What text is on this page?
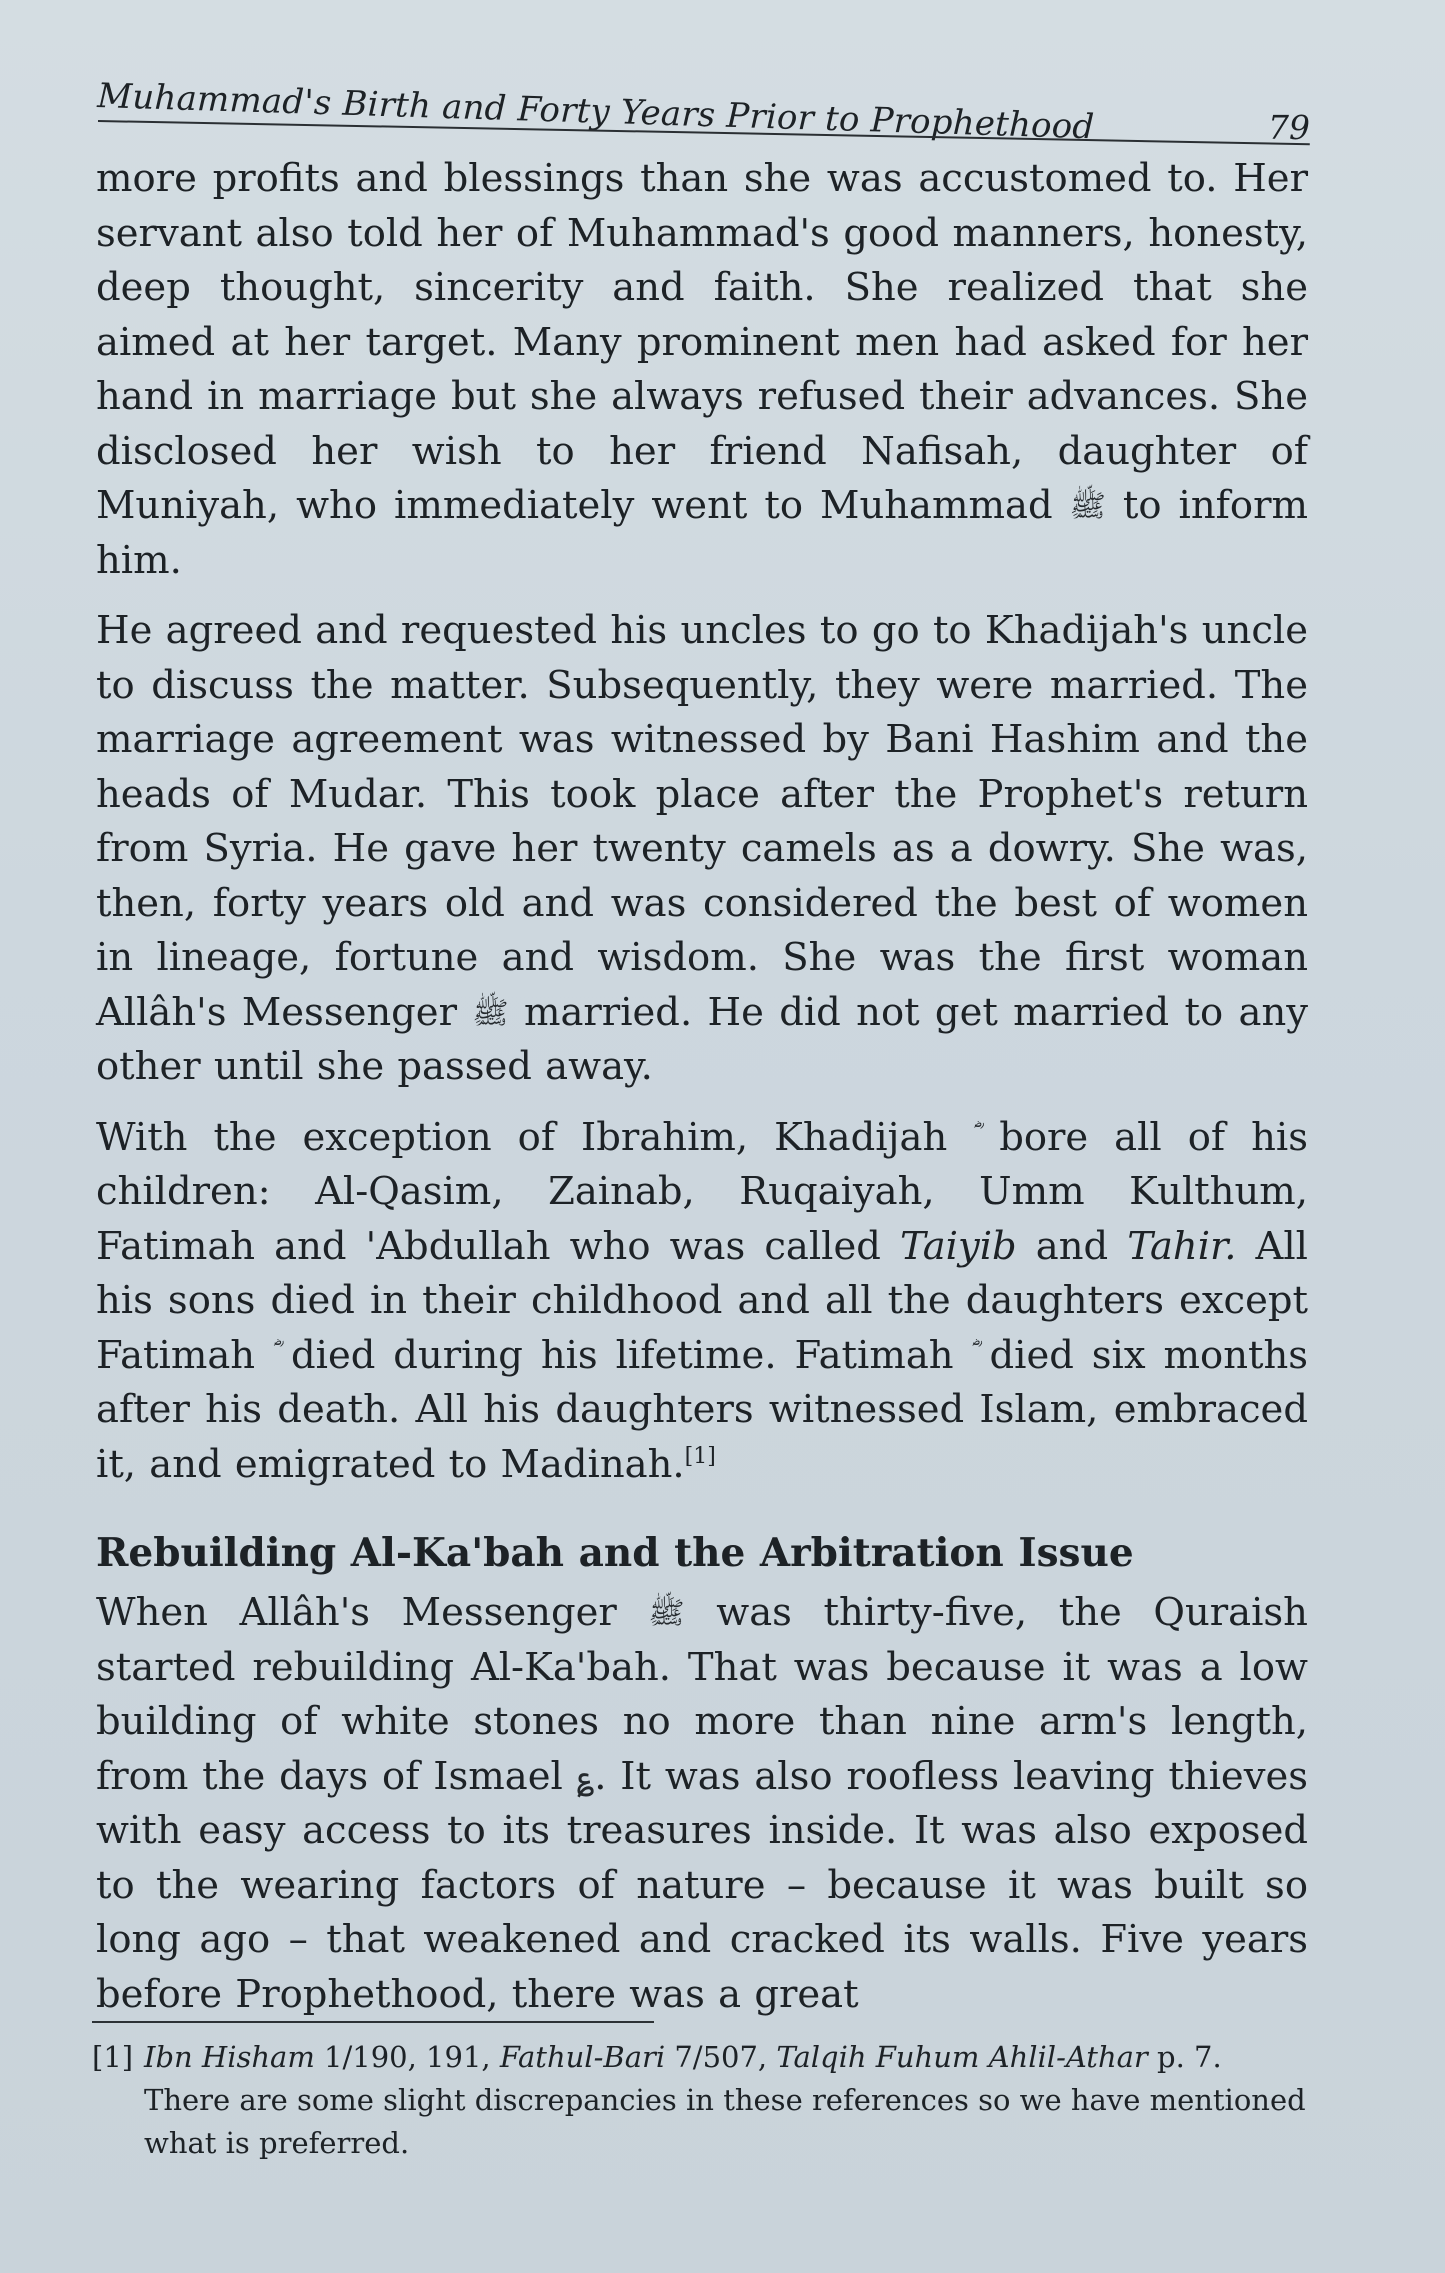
Muhammad's Birth and Forty Years Prior to Prophethood	79

more profits and blessings than she was accustomed to. Her servant also told her of Muhammad's good manners, honesty, deep thought, sincerity and faith. She realized that she aimed at her target. Many prominent men had asked for her hand in marriage but she always refused their advances. She disclosed her wish to her friend Nafisah, daughter of Muniyah, who immediately went to Muhammad ﷺ to inform him.

He agreed and requested his uncles to go to Khadijah's uncle to discuss the matter. Subsequently, they were married. The marriage agreement was witnessed by Bani Hashim and the heads of Mudar. This took place after the Prophet's return from Syria. He gave her twenty camels as a dowry. She was, then, forty years old and was considered the best of women in lineage, fortune and wisdom. She was the first woman Allâh's Messenger ﷺ married. He did not get married to any other until she passed away.

With the exception of Ibrahim, Khadijah bore all of his children: Al-Qasim, Zainab, Ruqaiyah, Umm Kulthum, Fatimah and 'Abdullah who was called Taiyib and Tahir. All his sons died in their childhood and all the daughters except Fatimah died during his lifetime. Fatimah died six months after his death. All his daughters witnessed Islam, embraced it, and emigrated to Madinah.[1]

Rebuilding Al-Ka'bah and the Arbitration Issue

When Allâh's Messenger ﷺ was thirty-five, the Quraish started rebuilding Al-Ka'bah. That was because it was a low building of white stones no more than nine arm's length, from the days of Ismael ؏. It was also roofless leaving thieves with easy access to its treasures inside. It was also exposed to the wearing factors of nature – because it was built so long ago – that weakened and cracked its walls. Five years before Prophethood, there was a great

[1] Ibn Hisham 1/190, 191, Fathul-Bari 7/507, Talqih Fuhum Ahlil-Athar p. 7. There are some slight discrepancies in these references so we have mentioned what is preferred.
